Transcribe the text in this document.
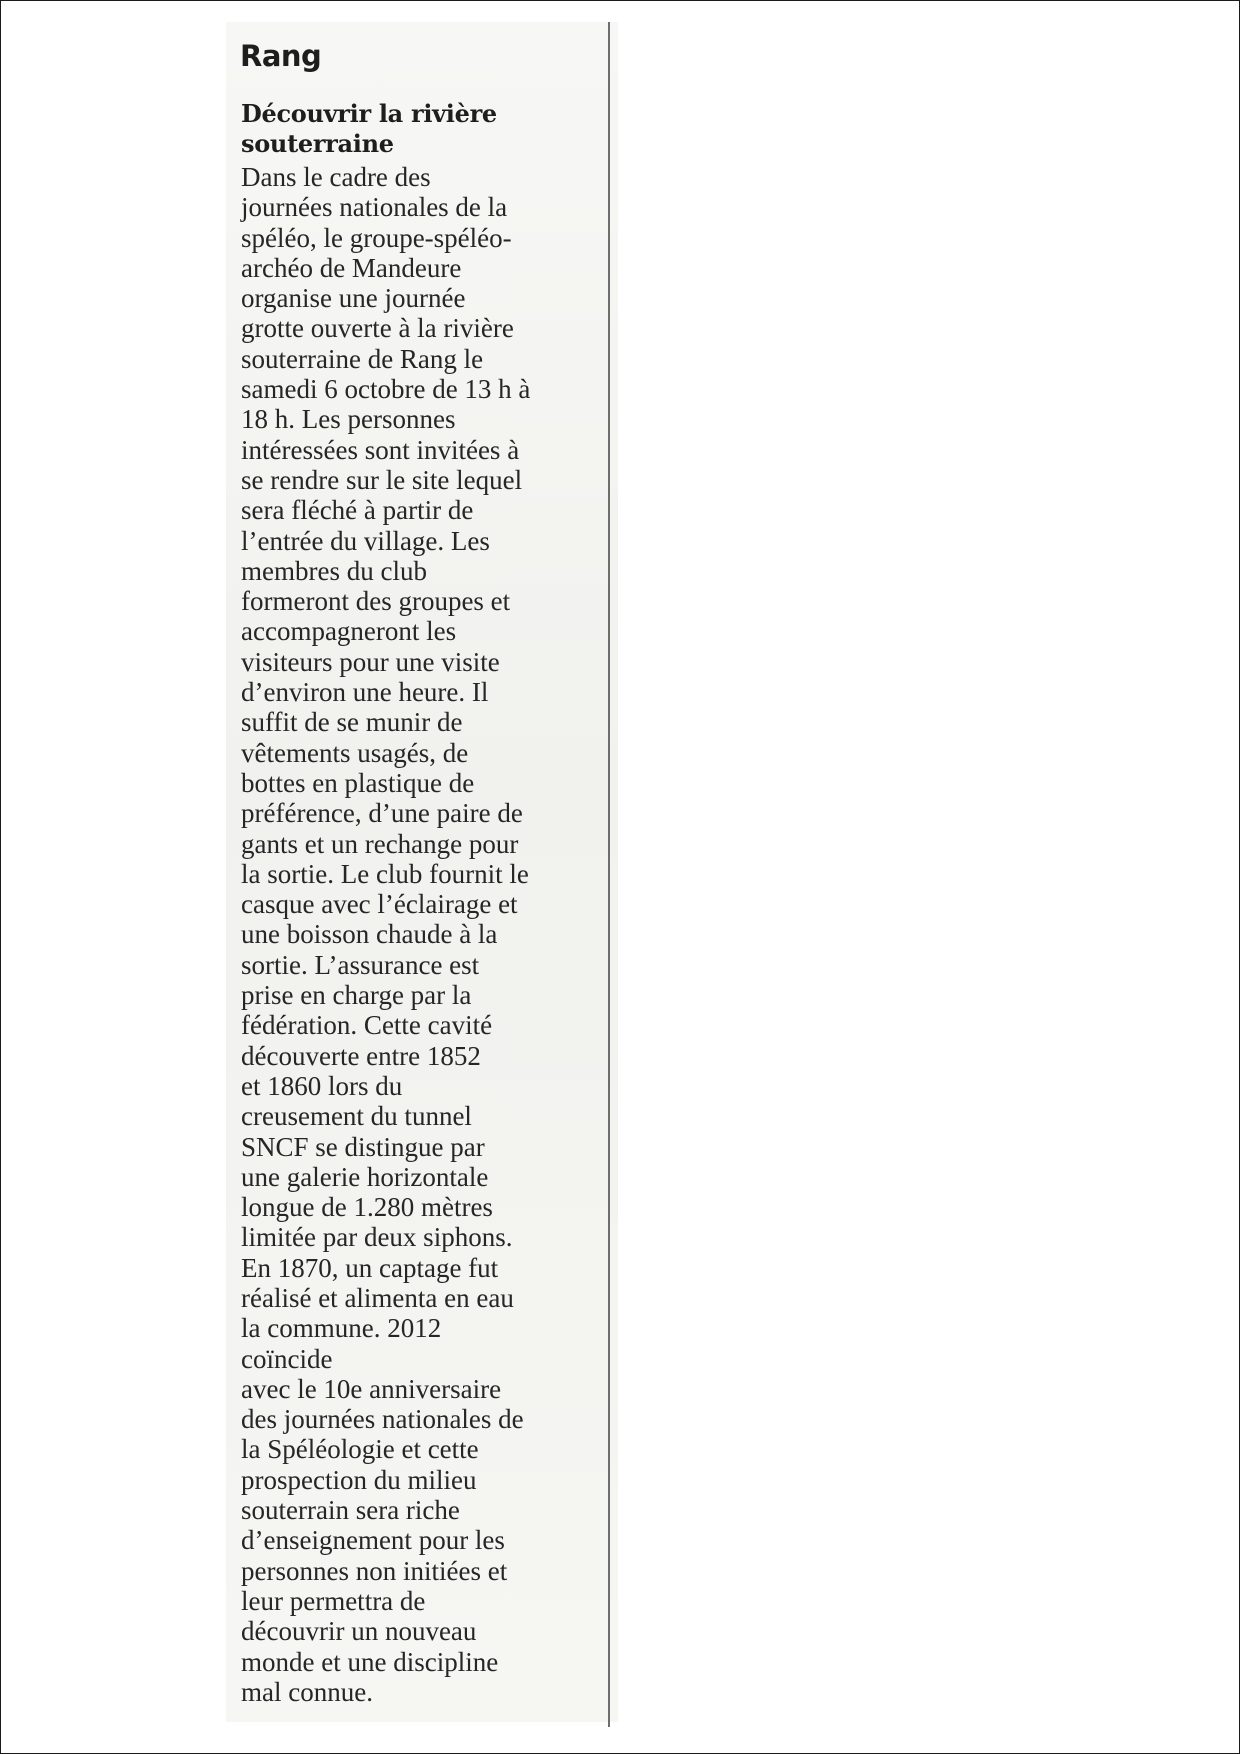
Rang
Découvrir la rivière
souterraine
Dans le cadre des
journées nationales de la
spéléo, le groupe-spéléo-
archéo de Mandeure
organise une journée
grotte ouverte à la rivière
souterraine de Rang le
samedi 6 octobre de 13 h à
18 h. Les personnes
intéressées sont invitées à
se rendre sur le site lequel
sera fléché à partir de
l’entrée du village. Les
membres du club
formeront des groupes et
accompagneront les
visiteurs pour une visite
d’environ une heure. Il
suffit de se munir de
vêtements usagés, de
bottes en plastique de
préférence, d’une paire de
gants et un rechange pour
la sortie. Le club fournit le
casque avec l’éclairage et
une boisson chaude à la
sortie. L’assurance est
prise en charge par la
fédération. Cette cavité
découverte entre 1852
et 1860 lors du
creusement du tunnel
SNCF se distingue par
une galerie horizontale
longue de 1.280 mètres
limitée par deux siphons.
En 1870, un captage fut
réalisé et alimenta en eau
la commune. 2012
coïncide
avec le 10e anniversaire
des journées nationales de
la Spéléologie et cette
prospection du milieu
souterrain sera riche
d’enseignement pour les
personnes non initiées et
leur permettra de
découvrir un nouveau
monde et une discipline
mal connue.
